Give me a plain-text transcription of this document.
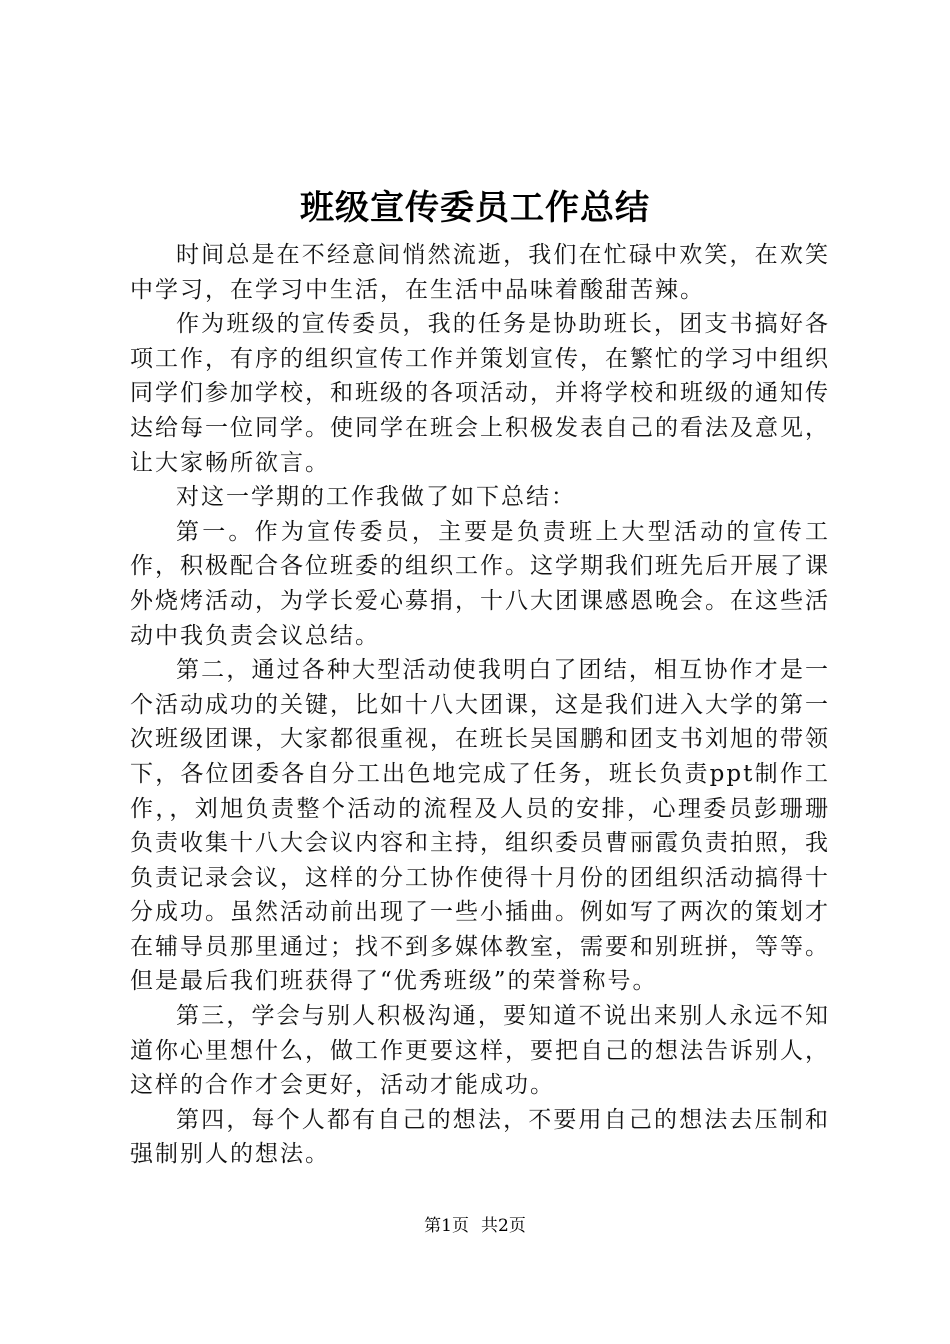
班级宣传委员工作总结

时间总是在不经意间悄然流逝，我们在忙碌中欢笑，在欢笑中学习，在学习中生活，在生活中品味着酸甜苦辣。

作为班级的宣传委员，我的任务是协助班长，团支书搞好各项工作，有序的组织宣传工作并策划宣传，在繁忙的学习中组织同学们参加学校，和班级的各项活动，并将学校和班级的通知传达给每一位同学。使同学在班会上积极发表自己的看法及意见，让大家畅所欲言。

对这一学期的工作我做了如下总结：

第一。作为宣传委员，主要是负责班上大型活动的宣传工作，积极配合各位班委的组织工作。这学期我们班先后开展了课外烧烤活动，为学长爱心募捐，十八大团课感恩晚会。在这些活动中我负责会议总结。

第二，通过各种大型活动使我明白了团结，相互协作才是一个活动成功的关键，比如十八大团课，这是我们进入大学的第一次班级团课，大家都很重视，在班长吴国鹏和团支书刘旭的带领下，各位团委各自分工出色地完成了任务，班长负责ppt制作工作，，刘旭负责整个活动的流程及人员的安排，心理委员彭珊珊负责收集十八大会议内容和主持，组织委员曹丽霞负责拍照，我负责记录会议，这样的分工协作使得十月份的团组织活动搞得十分成功。虽然活动前出现了一些小插曲。例如写了两次的策划才在辅导员那里通过；找不到多媒体教室，需要和别班拼，等等。但是最后我们班获得了“优秀班级”的荣誉称号。

第三，学会与别人积极沟通，要知道不说出来别人永远不知道你心里想什么，做工作更要这样，要把自己的想法告诉别人，这样的合作才会更好，活动才能成功。

第四，每个人都有自己的想法，不要用自己的想法去压制和强制别人的想法。

第1页 共2页
